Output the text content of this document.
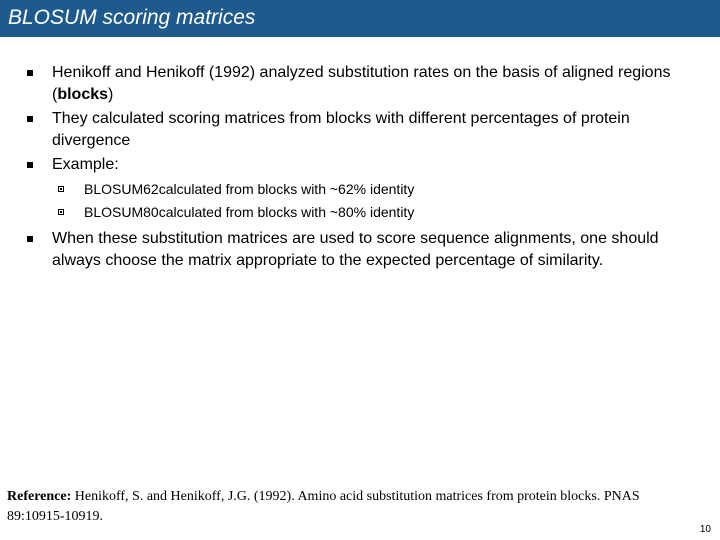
BLOSUM scoring matrices
Henikoff and Henikoff (1992) analyzed substitution rates on the basis of aligned regions (blocks)
They calculated scoring matrices from blocks with different percentages of protein divergence
Example:
BLOSUM62calculated from blocks with ~62% identity
BLOSUM80calculated from blocks with ~80% identity
When these substitution matrices are used to score sequence alignments, one should always choose the matrix appropriate to the expected percentage of similarity.
Reference: Henikoff, S. and Henikoff, J.G. (1992). Amino acid substitution matrices from protein blocks. PNAS 89:10915-10919.
10
